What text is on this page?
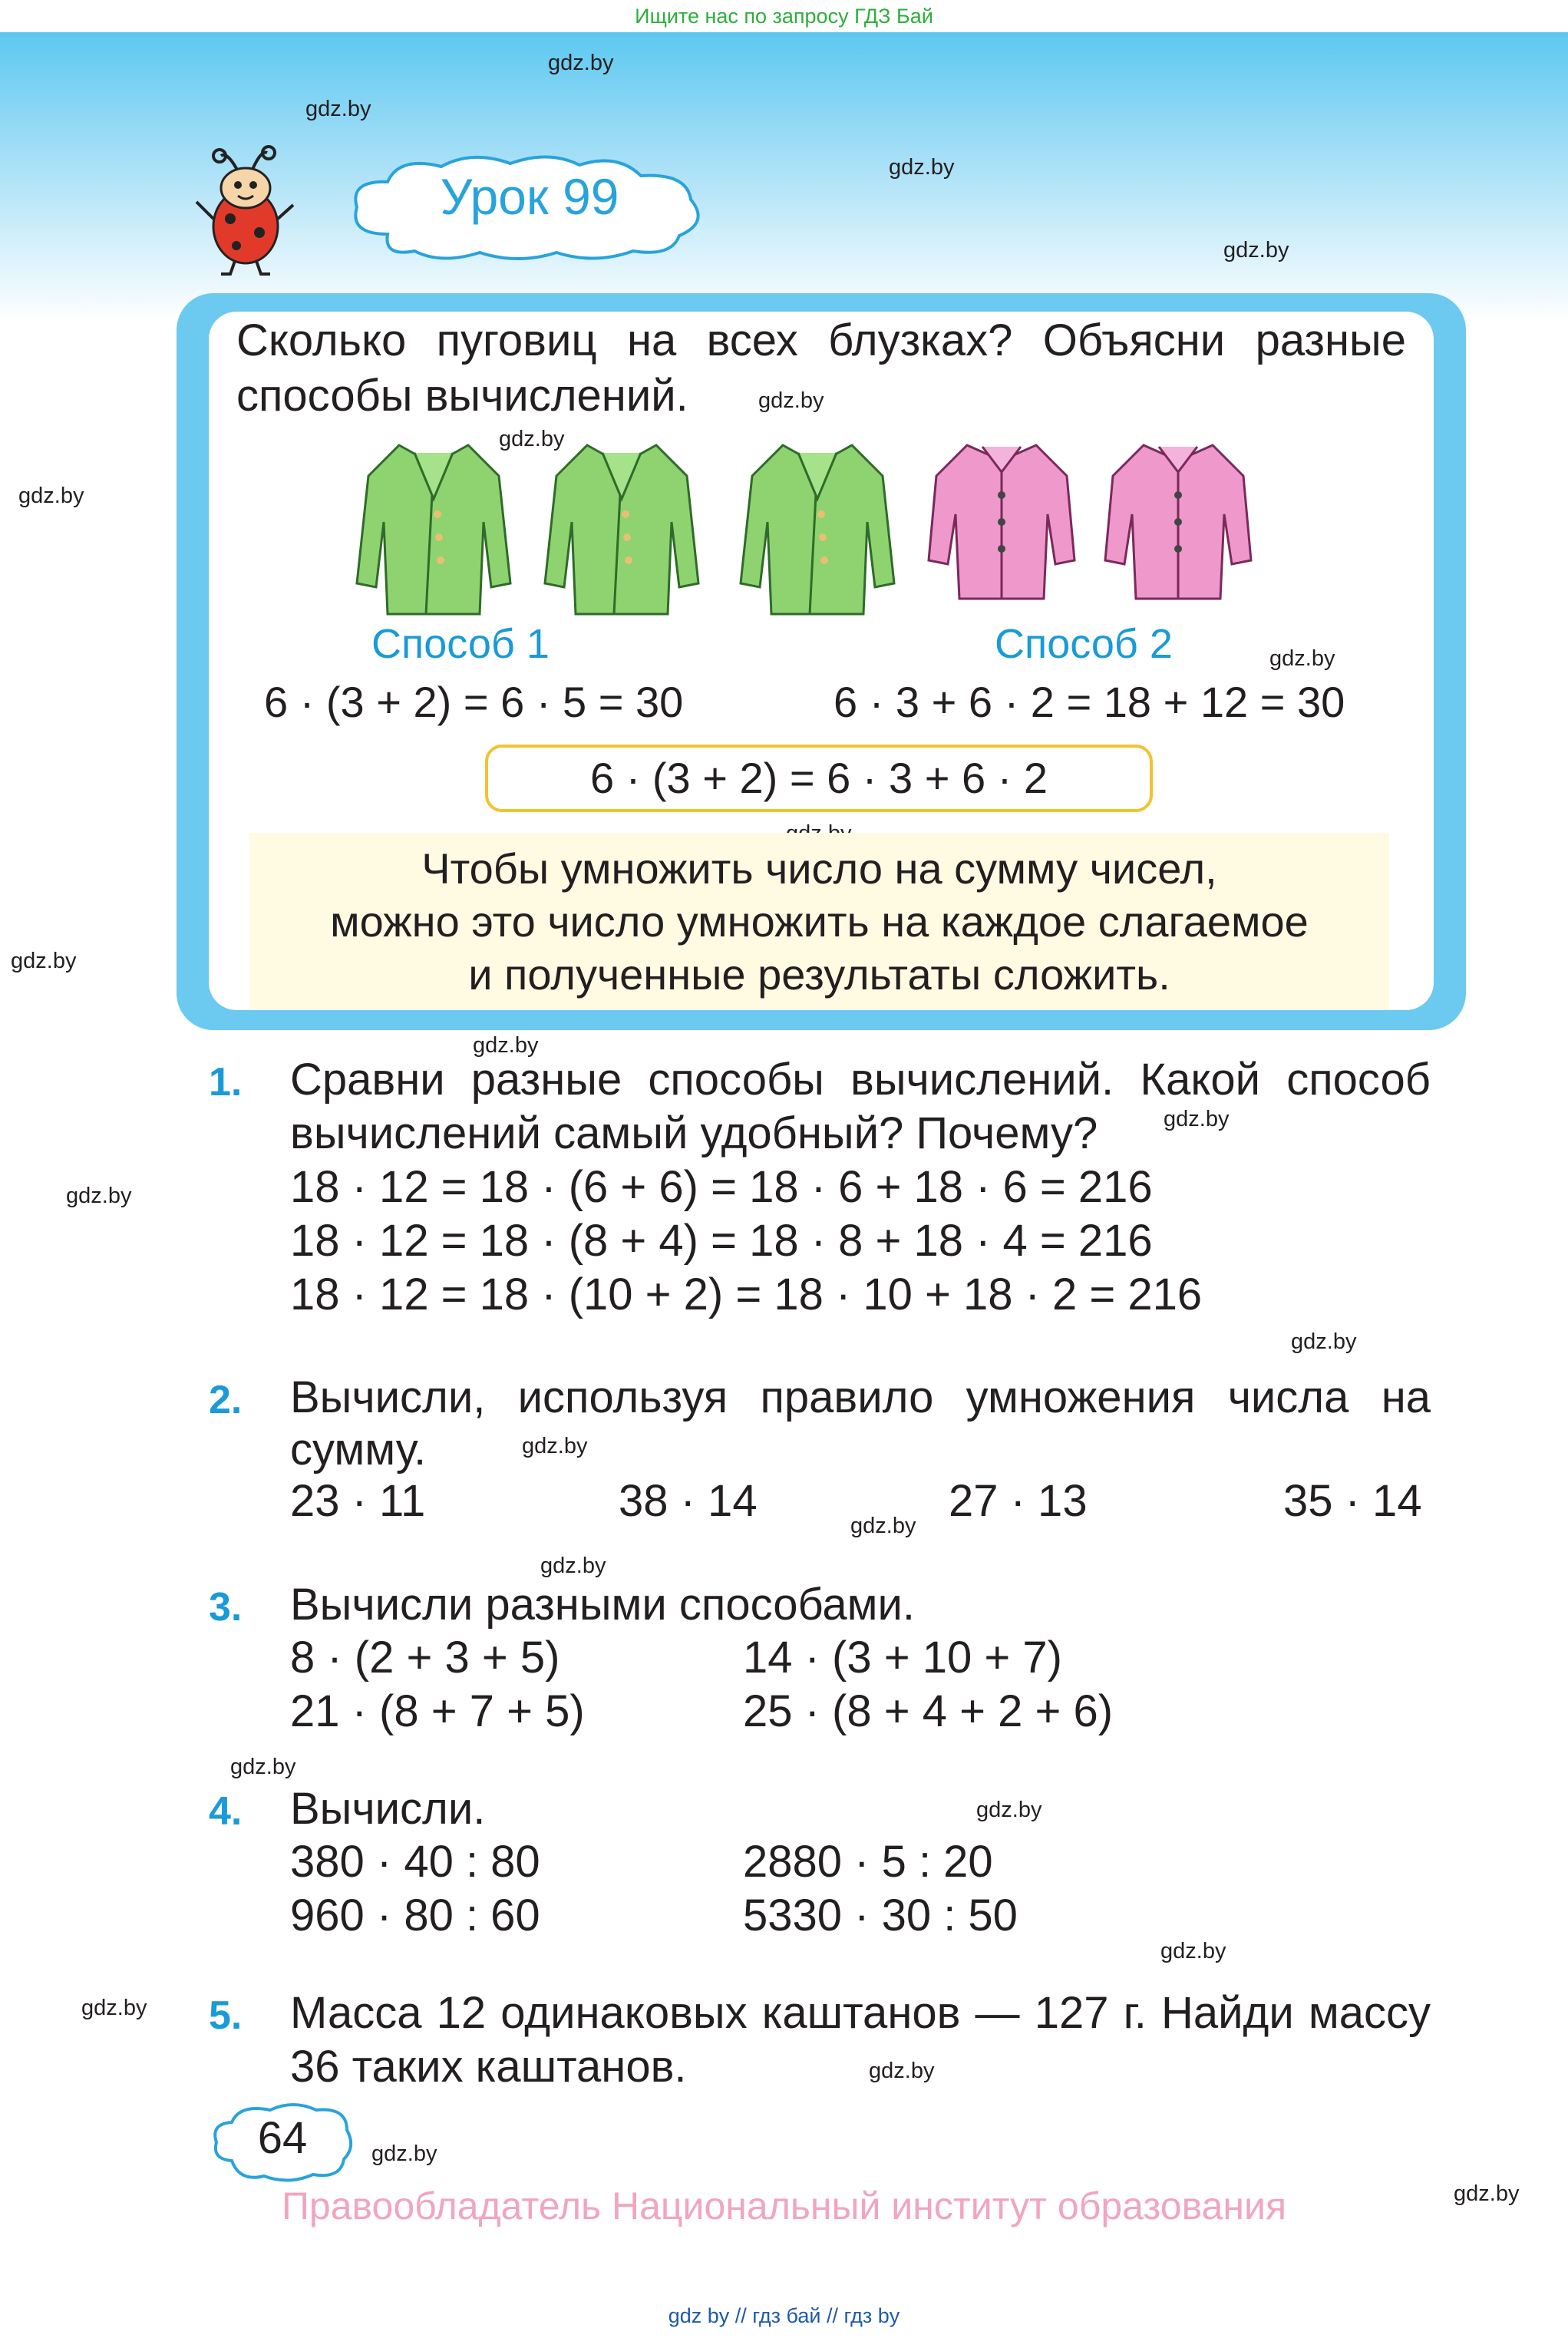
Ищите нас по запросу ГДЗ Бай
gdz.by
gdz.by
gdz.by
gdz.by
gdz.by
gdz.by
gdz.by
gdz.by
gdz.by
Урок 99
Сколько пуговиц на всех блузках? Объясни разные
способы вычислений.	gdz.by
gdz.by
Способ 1
6 · (3 + 2) = 6 · 5 = 30
Способ 2
6 · 3 + 6 · 2 = 18 + 12 = 30
gdz.by
6 · (3 + 2) = 6 · 3 + 6 · 2
Чтобы умножить число на сумму чисел,
можно это число умножить на каждое слагаемое
и полученные результаты сложить.
gdz.by
1. Сравни разные способы вычислений. Какой способ
вычислений самый удобный? Почему?	gdz.by
18 · 12 = 18 · (6 + 6) = 18 · 6 + 18 · 6 = 216
18 · 12 = 18 · (8 + 4) = 18 · 8 + 18 · 4 = 216
18 · 12 = 18 · (10 + 2) = 18 · 10 + 18 · 2 = 216
gdz.by
2. Вычисли, используя правило умножения числа на
сумму.	gdz.by
23 · 11	38 · 14	27 · 13	35 · 14
gdz.by
gdz.by
3. Вычисли разными способами.
8 · (2 + 3 + 5)	14 · (3 + 10 + 7)
21 · (8 + 7 + 5)	25 · (8 + 4 + 2 + 6)
gdz.by
4. Вычисли.	gdz.by
380 · 40 : 80	2880 · 5 : 20
960 · 80 : 60	5330 · 30 : 50
gdz.by
5. Масса 12 одинаковых каштанов — 127 г. Найди массу
36 таких каштанов.	gdz.by
64	gdz.by
Правообладатель Национальный институт образования
gdz by // гдз бай // гдз by
